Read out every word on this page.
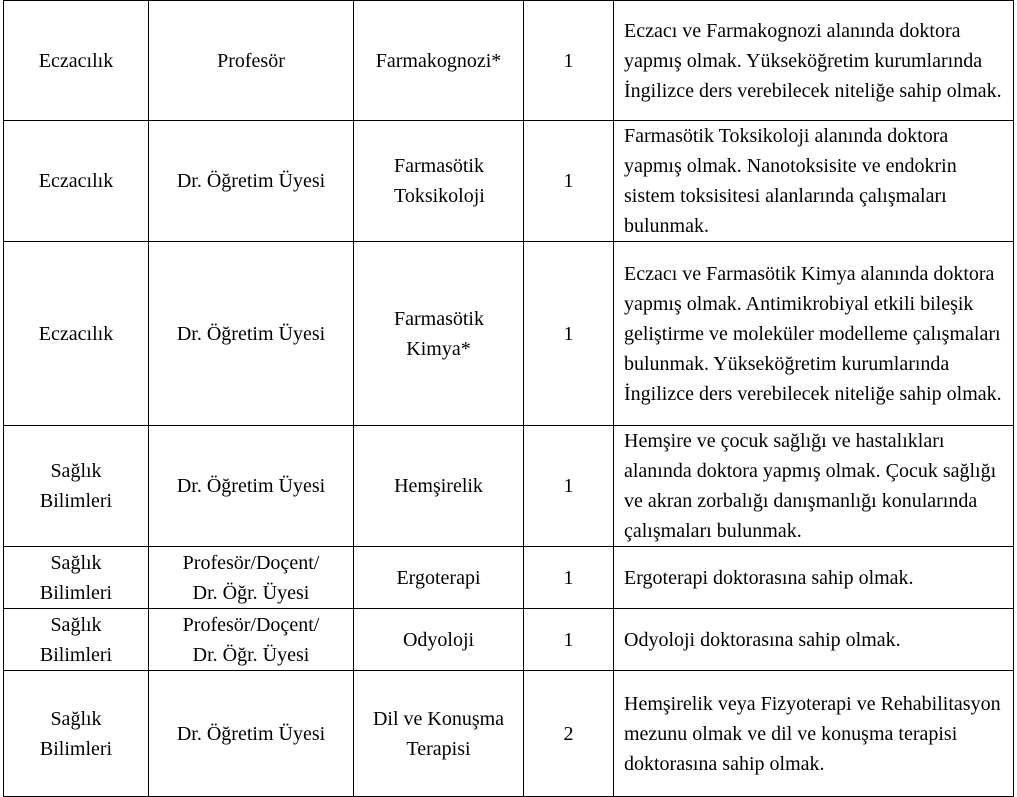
Eczacılık	Profesör	Farmakognozi*	1	Eczacı ve Farmakognozi alanında doktora yapmış olmak. Yükseköğretim kurumlarında İngilizce ders verebilecek niteliğe sahip olmak.
Eczacılık	Dr. Öğretim Üyesi	Farmasötik Toksikoloji	1	Farmasötik Toksikoloji alanında doktora yapmış olmak. Nanotoksisite ve endokrin sistem toksisitesi alanlarında çalışmaları bulunmak.
Eczacılık	Dr. Öğretim Üyesi	Farmasötik Kimya*	1	Eczacı ve Farmasötik Kimya alanında doktora yapmış olmak. Antimikrobiyal etkili bileşik geliştirme ve moleküler modelleme çalışmaları bulunmak. Yükseköğretim kurumlarında İngilizce ders verebilecek niteliğe sahip olmak.
Sağlık Bilimleri	Dr. Öğretim Üyesi	Hemşirelik	1	Hemşire ve çocuk sağlığı ve hastalıkları alanında doktora yapmış olmak. Çocuk sağlığı ve akran zorbalığı danışmanlığı konularında çalışmaları bulunmak.
Sağlık Bilimleri	Profesör/Doçent/ Dr. Öğr. Üyesi	Ergoterapi	1	Ergoterapi doktorasına sahip olmak.
Sağlık Bilimleri	Profesör/Doçent/ Dr. Öğr. Üyesi	Odyoloji	1	Odyoloji doktorasına sahip olmak.
Sağlık Bilimleri	Dr. Öğretim Üyesi	Dil ve Konuşma Terapisi	2	Hemşirelik veya Fizyoterapi ve Rehabilitasyon mezunu olmak ve dil ve konuşma terapisi doktorasına sahip olmak.
